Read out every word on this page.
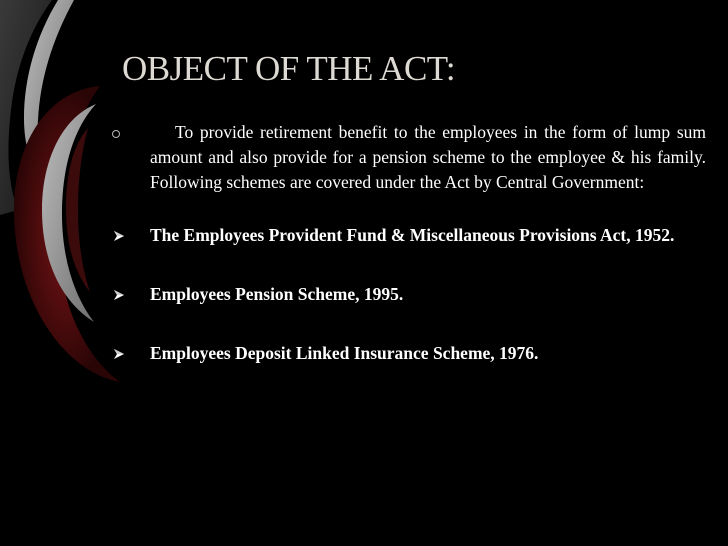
OBJECT OF THE ACT:
To provide retirement benefit to the employees in the form of lump sum amount and also provide for a pension scheme to the employee & his family. Following schemes are covered under the Act by Central Government:
The Employees Provident Fund & Miscellaneous Provisions Act, 1952.
Employees Pension Scheme, 1995.
Employees Deposit Linked Insurance Scheme, 1976.
